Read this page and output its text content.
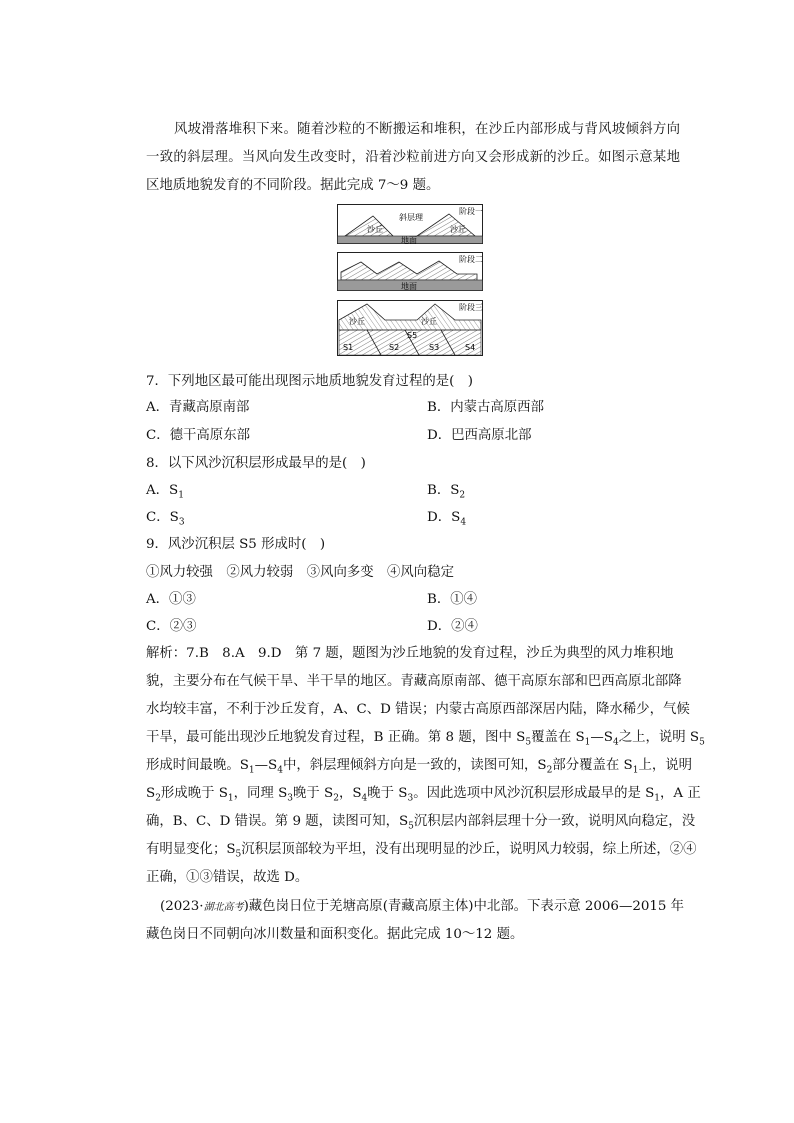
风坡滑落堆积下来。随着沙粒的不断搬运和堆积，在沙丘内部形成与背风坡倾斜方向一致的斜层理。当风向发生改变时，沿着沙粒前进方向又会形成新的沙丘。如图示意某地区地质地貌发育的不同阶段。据此完成 7～9 题。

阶段一
斜层理
沙丘	沙丘
地面
阶段二
地面
阶段三
沙丘	沙丘
S5
S1	S2	S3	S4

7．下列地区最可能出现图示地质地貌发育过程的是(　)

A．青藏高原南部	B．内蒙古高原西部
C．德干高原东部	D．巴西高原北部

8．以下风沙沉积层形成最早的是(　)

A．$S_1$	B．$S_2$
C．$S_3$	D．$S_4$

9．风沙沉积层 S5 形成时(　)

①风力较强　②风力较弱　③风向多变　④风向稳定

A．①③	B．①④
C．②③	D．②④

解析：7.B　8.A　9.D　第 7 题，题图为沙丘地貌的发育过程，沙丘为典型的风力堆积地

貌，主要分布在气候干旱、半干旱的地区。青藏高原南部、德干高原东部和巴西高原北部降

水均较丰富，不利于沙丘发育，A、C、D 错误；内蒙古高原西部深居内陆，降水稀少，气候

干旱，最可能出现沙丘地貌发育过程，B 正确。第 8 题，图中 $S_5$覆盖在 $S_1—S_4$之上，说明 $S_5$

形成时间最晚。$S_1—S_4$中，斜层理倾斜方向是一致的，读图可知，$S_2$部分覆盖在 $S_1$上，说明

$S_2$形成晚于 $S_1$，同理 $S_3$晚于 $S_2$，$S_4$晚于 $S_3$。因此选项中风沙沉积层形成最早的是 $S_1$，A 正

确，B、C、D 错误。第 9 题，读图可知，$S_5$沉积层内部斜层理十分一致，说明风向稳定，没

有明显变化；$S_5$沉积层顶部较为平坦，没有出现明显的沙丘，说明风力较弱，综上所述，②④

正确，①③错误，故选 D。

(2023·湖北高考)藏色岗日位于羌塘高原(青藏高原主体)中北部。下表示意 2006—2015 年

藏色岗日不同朝向冰川数量和面积变化。据此完成 10～12 题。
